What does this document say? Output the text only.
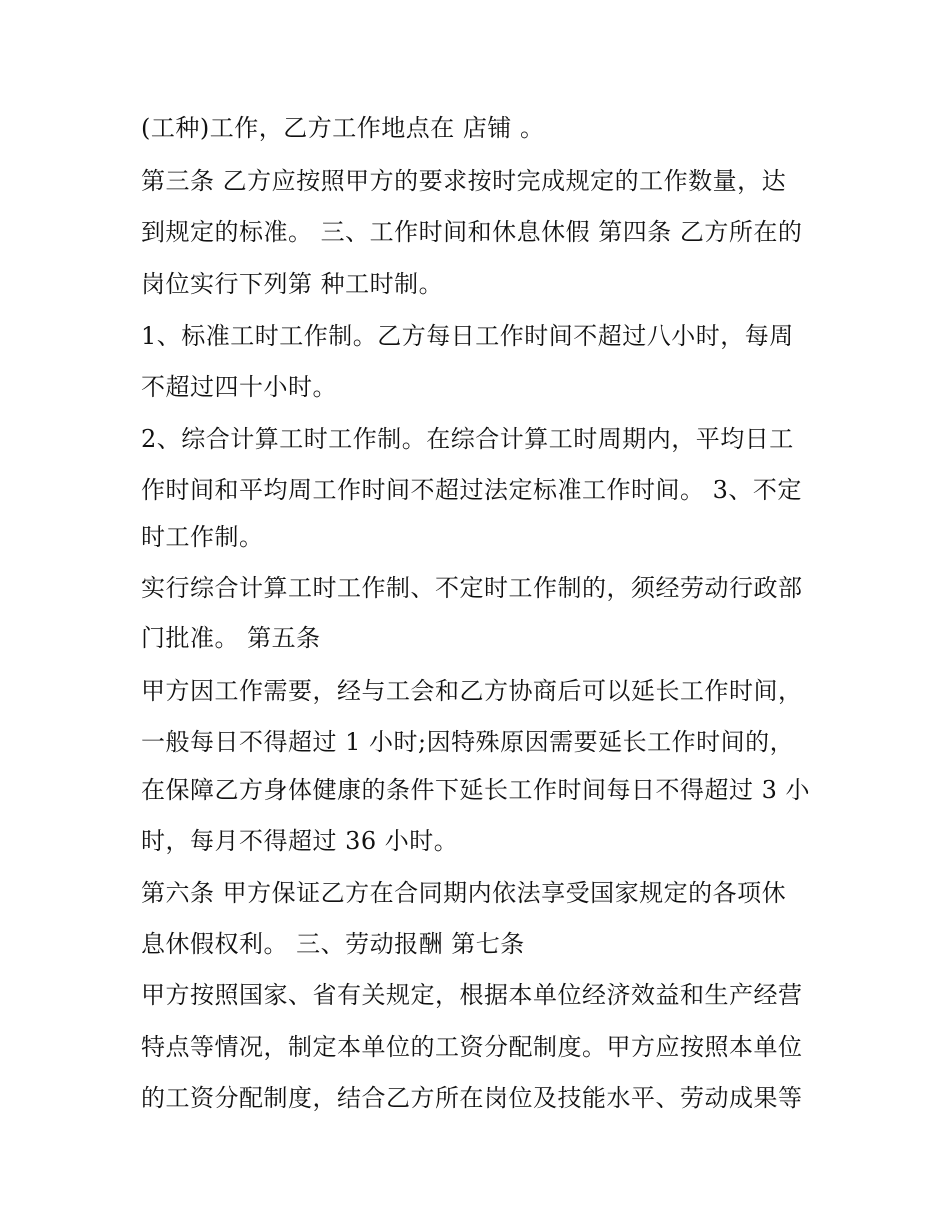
(工种)工作，乙方工作地点在 店铺 。
第三条 乙方应按照甲方的要求按时完成规定的工作数量，达
到规定的标准。 三、工作时间和休息休假 第四条 乙方所在的
岗位实行下列第 种工时制。
1、标准工时工作制。乙方每日工作时间不超过八小时，每周
不超过四十小时。
2、综合计算工时工作制。在综合计算工时周期内，平均日工
作时间和平均周工作时间不超过法定标准工作时间。 3、不定
时工作制。
实行综合计算工时工作制、不定时工作制的，须经劳动行政部
门批准。 第五条
甲方因工作需要，经与工会和乙方协商后可以延长工作时间，
一般每日不得超过 1 小时;因特殊原因需要延长工作时间的，
在保障乙方身体健康的条件下延长工作时间每日不得超过 3 小
时，每月不得超过 36 小时。
第六条 甲方保证乙方在合同期内依法享受国家规定的各项休
息休假权利。 三、劳动报酬 第七条
甲方按照国家、省有关规定，根据本单位经济效益和生产经营
特点等情况，制定本单位的工资分配制度。甲方应按照本单位
的工资分配制度，结合乙方所在岗位及技能水平、劳动成果等
